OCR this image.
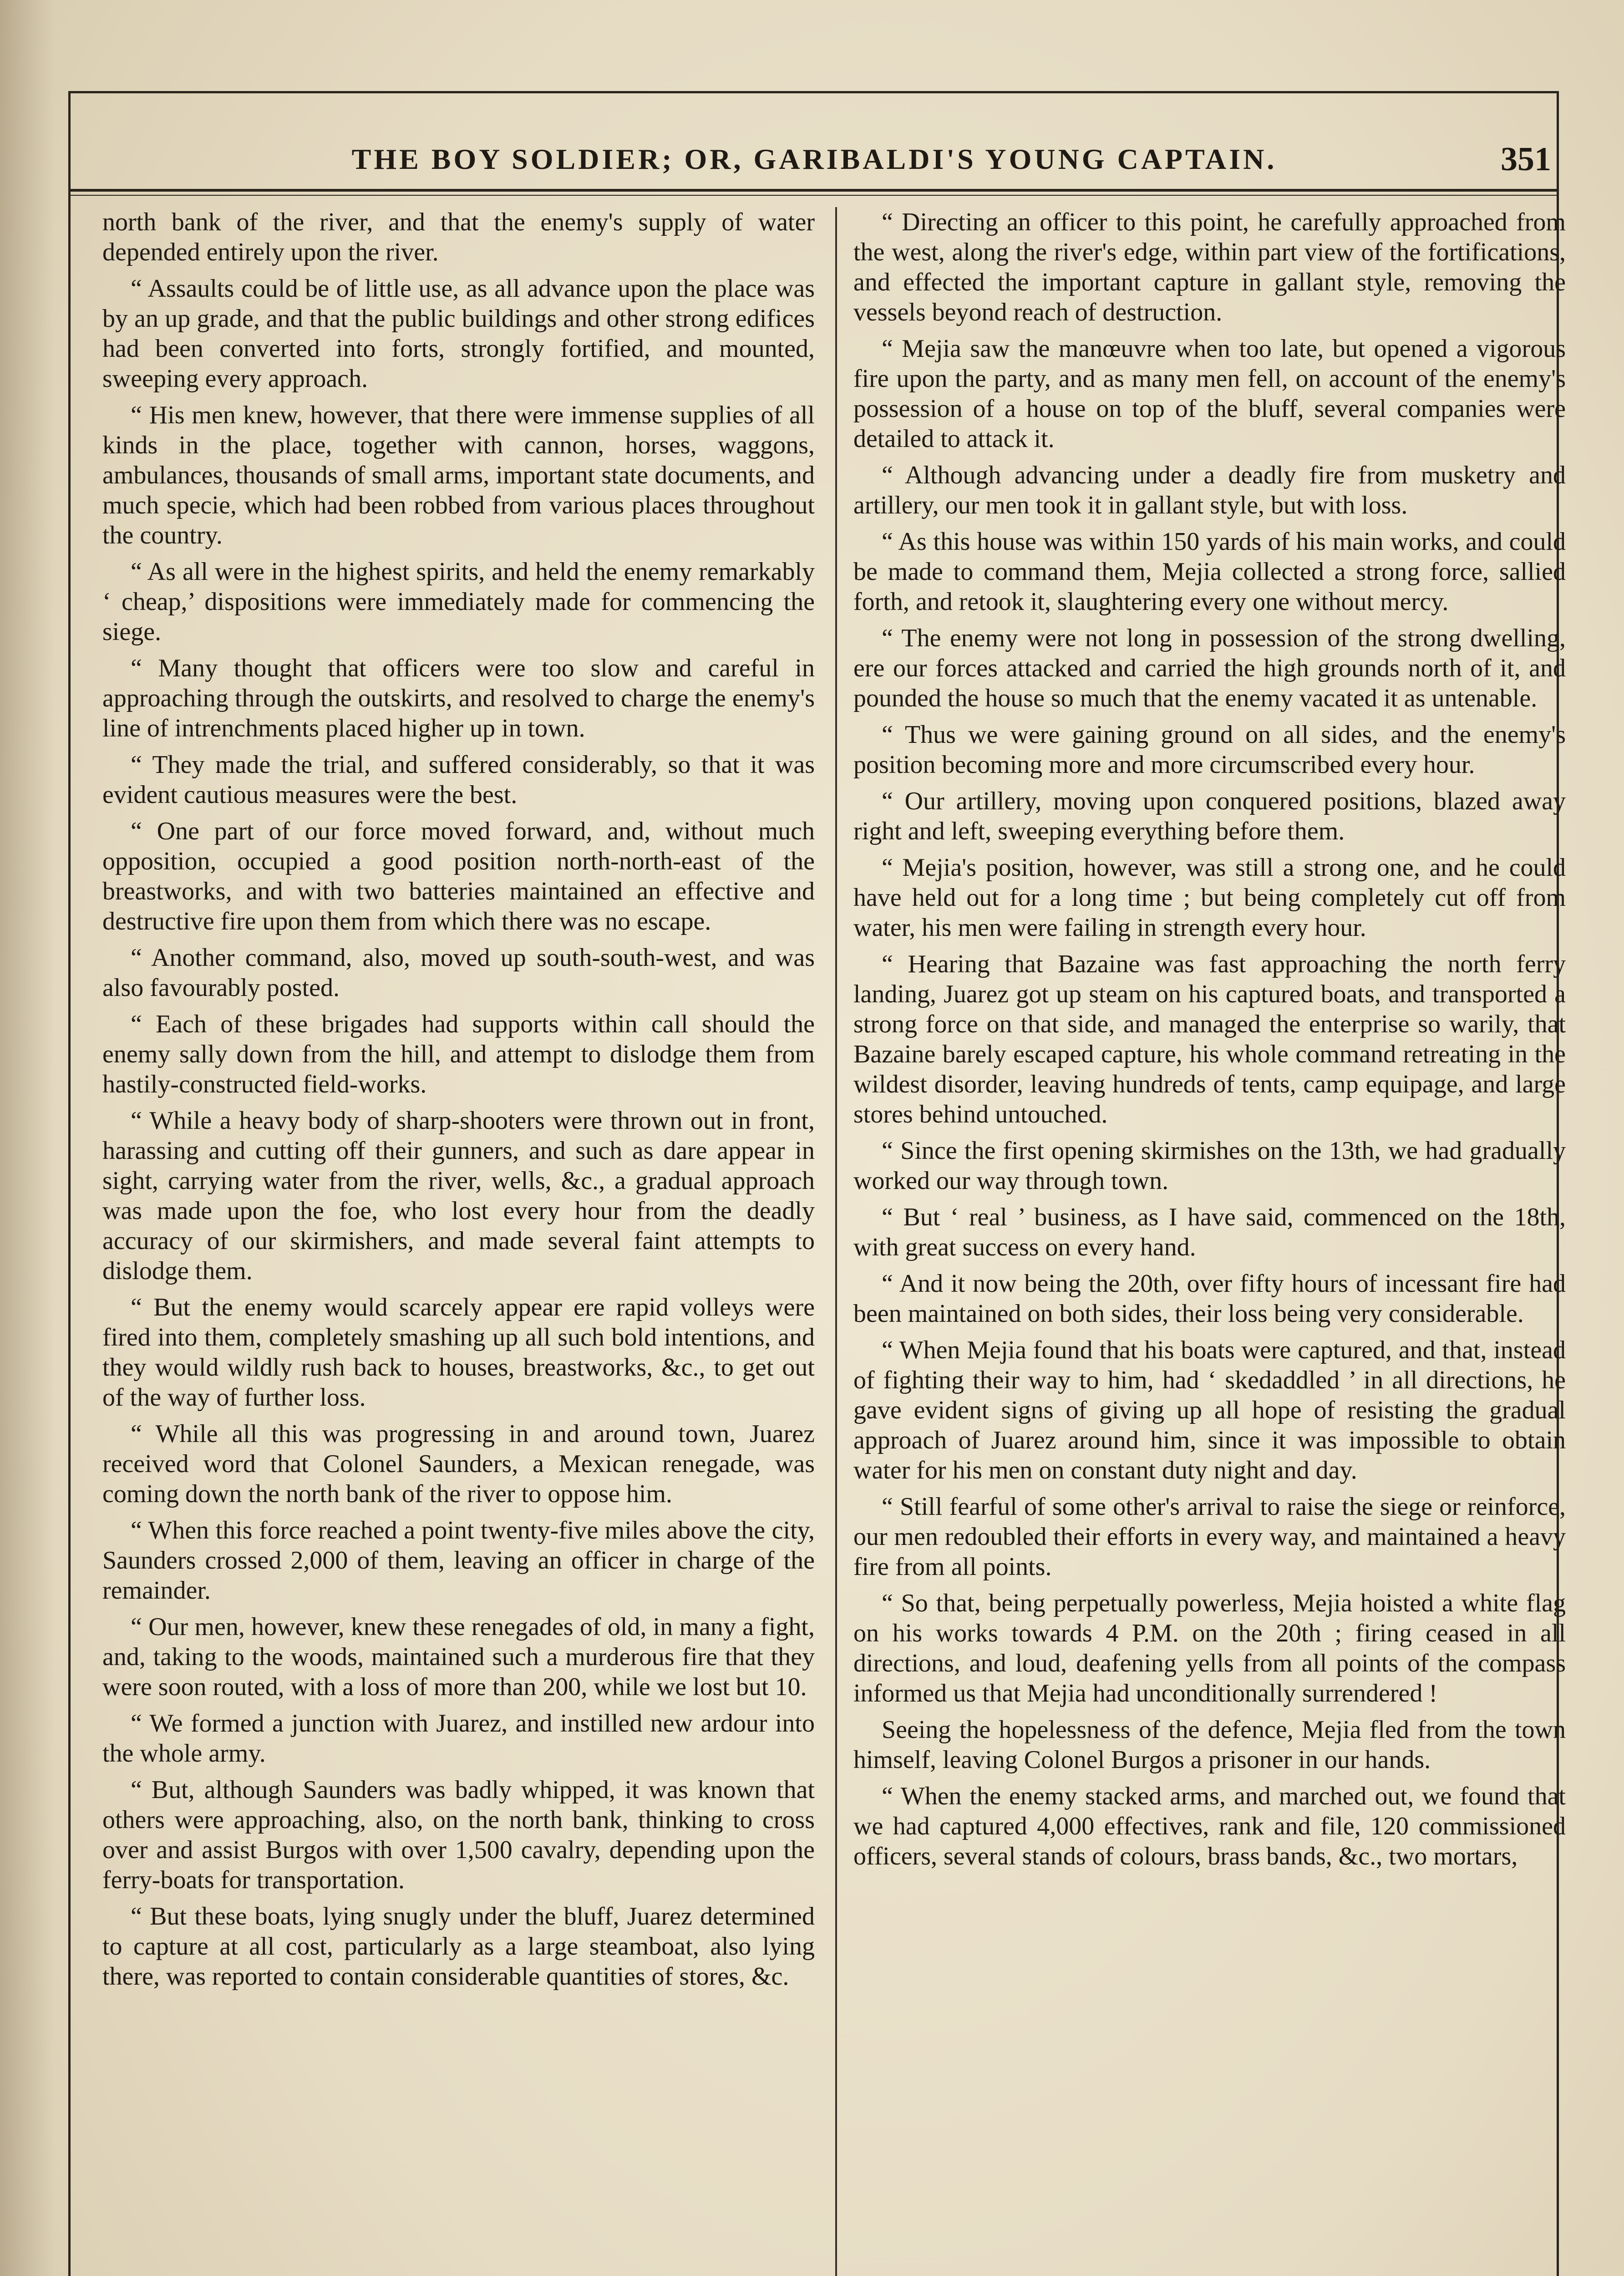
THE BOY SOLDIER; OR, GARIBALDI'S YOUNG CAPTAIN.	351

north bank of the river, and that the enemy's supply of water depended entirely upon the river.

“ Assaults could be of little use, as all advance upon the place was by an up grade, and that the public buildings and other strong edifices had been converted into forts, strongly fortified, and mounted, sweeping every approach.

“ His men knew, however, that there were immense supplies of all kinds in the place, together with cannon, horses, waggons, ambulances, thousands of small arms, important state documents, and much specie, which had been robbed from various places throughout the country.

“ As all were in the highest spirits, and held the enemy remarkably ‘ cheap,’ dispositions were immediately made for commencing the siege.

“ Many thought that officers were too slow and careful in approaching through the outskirts, and resolved to charge the enemy's line of intrenchments placed higher up in town.

“ They made the trial, and suffered considerably, so that it was evident cautious measures were the best.

“ One part of our force moved forward, and, without much opposition, occupied a good position north-north-east of the breastworks, and with two batteries maintained an effective and destructive fire upon them from which there was no escape.

“ Another command, also, moved up south-south-west, and was also favourably posted.

“ Each of these brigades had supports within call should the enemy sally down from the hill, and attempt to dislodge them from hastily-constructed field-works.

“ While a heavy body of sharp-shooters were thrown out in front, harassing and cutting off their gunners, and such as dare appear in sight, carrying water from the river, wells, &c., a gradual approach was made upon the foe, who lost every hour from the deadly accuracy of our skirmishers, and made several faint attempts to dislodge them.

“ But the enemy would scarcely appear ere rapid volleys were fired into them, completely smashing up all such bold intentions, and they would wildly rush back to houses, breastworks, &c., to get out of the way of further loss.

“ While all this was progressing in and around town, Juarez received word that Colonel Saunders, a Mexican renegade, was coming down the north bank of the river to oppose him.

“ When this force reached a point twenty-five miles above the city, Saunders crossed 2,000 of them, leaving an officer in charge of the remainder.

“ Our men, however, knew these renegades of old, in many a fight, and, taking to the woods, maintained such a murderous fire that they were soon routed, with a loss of more than 200, while we lost but 10.

“ We formed a junction with Juarez, and instilled new ardour into the whole army.

“ But, although Saunders was badly whipped, it was known that others were approaching, also, on the north bank, thinking to cross over and assist Burgos with over 1,500 cavalry, depending upon the ferry-boats for transportation.

“ But these boats, lying snugly under the bluff, Juarez determined to capture at all cost, particularly as a large steamboat, also lying there, was reported to contain considerable quantities of stores, &c.

“ Directing an officer to this point, he carefully approached from the west, along the river's edge, within part view of the fortifications, and effected the important capture in gallant style, removing the vessels beyond reach of destruction.

“ Mejia saw the manœuvre when too late, but opened a vigorous fire upon the party, and as many men fell, on account of the enemy's possession of a house on top of the bluff, several companies were detailed to attack it.

“ Although advancing under a deadly fire from musketry and artillery, our men took it in gallant style, but with loss.

“ As this house was within 150 yards of his main works, and could be made to command them, Mejia collected a strong force, sallied forth, and retook it, slaughtering every one without mercy.

“ The enemy were not long in possession of the strong dwelling, ere our forces attacked and carried the high grounds north of it, and pounded the house so much that the enemy vacated it as untenable.

“ Thus we were gaining ground on all sides, and the enemy's position becoming more and more circumscribed every hour.

“ Our artillery, moving upon conquered positions, blazed away right and left, sweeping everything before them.

“ Mejia's position, however, was still a strong one, and he could have held out for a long time ; but being completely cut off from water, his men were failing in strength every hour.

“ Hearing that Bazaine was fast approaching the north ferry landing, Juarez got up steam on his captured boats, and transported a strong force on that side, and managed the enterprise so warily, that Bazaine barely escaped capture, his whole command retreating in the wildest disorder, leaving hundreds of tents, camp equipage, and large stores behind untouched.

“ Since the first opening skirmishes on the 13th, we had gradually worked our way through town.

“ But ‘ real ’ business, as I have said, commenced on the 18th, with great success on every hand.

“ And it now being the 20th, over fifty hours of incessant fire had been maintained on both sides, their loss being very considerable.

“ When Mejia found that his boats were captured, and that, instead of fighting their way to him, had ‘ skedaddled ’ in all directions, he gave evident signs of giving up all hope of resisting the gradual approach of Juarez around him, since it was impossible to obtain water for his men on constant duty night and day.

“ Still fearful of some other's arrival to raise the siege or reinforce, our men redoubled their efforts in every way, and maintained a heavy fire from all points.

“ So that, being perpetually powerless, Mejia hoisted a white flag on his works towards 4 P.M. on the 20th ; firing ceased in all directions, and loud, deafening yells from all points of the compass informed us that Mejia had unconditionally surrendered !

Seeing the hopelessness of the defence, Mejia fled from the town himself, leaving Colonel Burgos a prisoner in our hands.

“ When the enemy stacked arms, and marched out, we found that we had captured 4,000 effectives, rank and file, 120 commissioned officers, several stands of colours, brass bands, &c., two mortars,
